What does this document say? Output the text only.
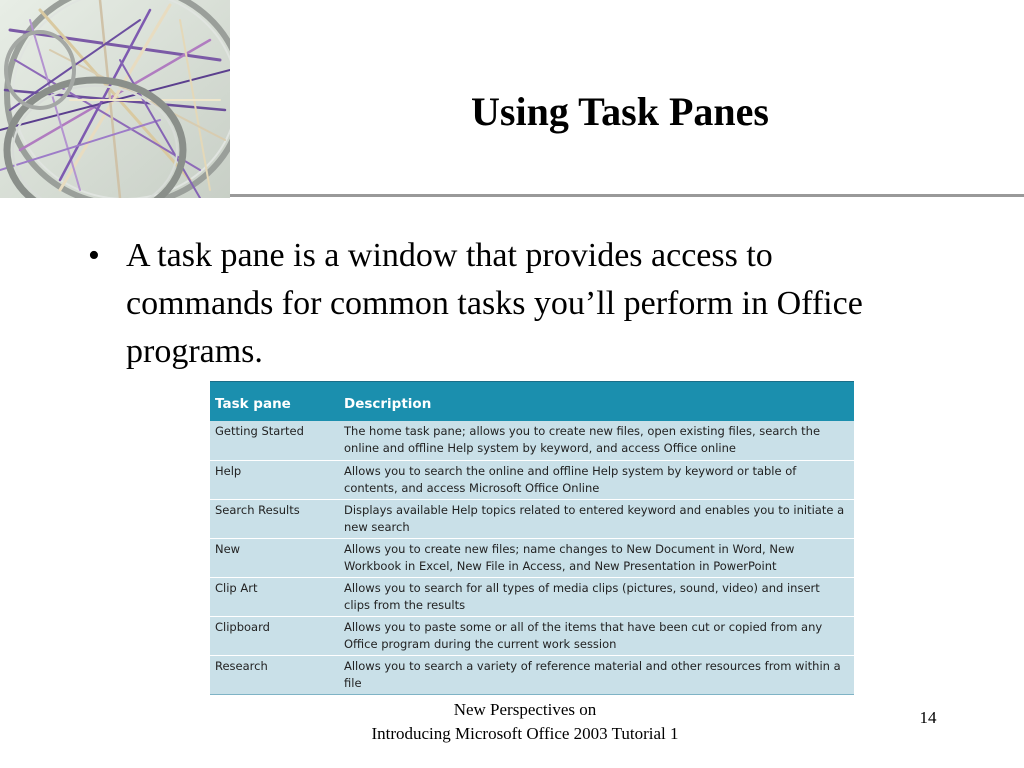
Using Task Panes
• A task pane is a window that provides access to commands for common tasks you’ll perform in Office programs.
Task pane	Description
Getting Started	The home task pane; allows you to create new files, open existing files, search the online and offline Help system by keyword, and access Office online
Help	Allows you to search the online and offline Help system by keyword or table of contents, and access Microsoft Office Online
Search Results	Displays available Help topics related to entered keyword and enables you to initiate a new search
New	Allows you to create new files; name changes to New Document in Word, New Workbook in Excel, New File in Access, and New Presentation in PowerPoint
Clip Art	Allows you to search for all types of media clips (pictures, sound, video) and insert clips from the results
Clipboard	Allows you to paste some or all of the items that have been cut or copied from any Office program during the current work session
Research	Allows you to search a variety of reference material and other resources from within a file
New Perspectives on
Introducing Microsoft Office 2003 Tutorial 1
14
